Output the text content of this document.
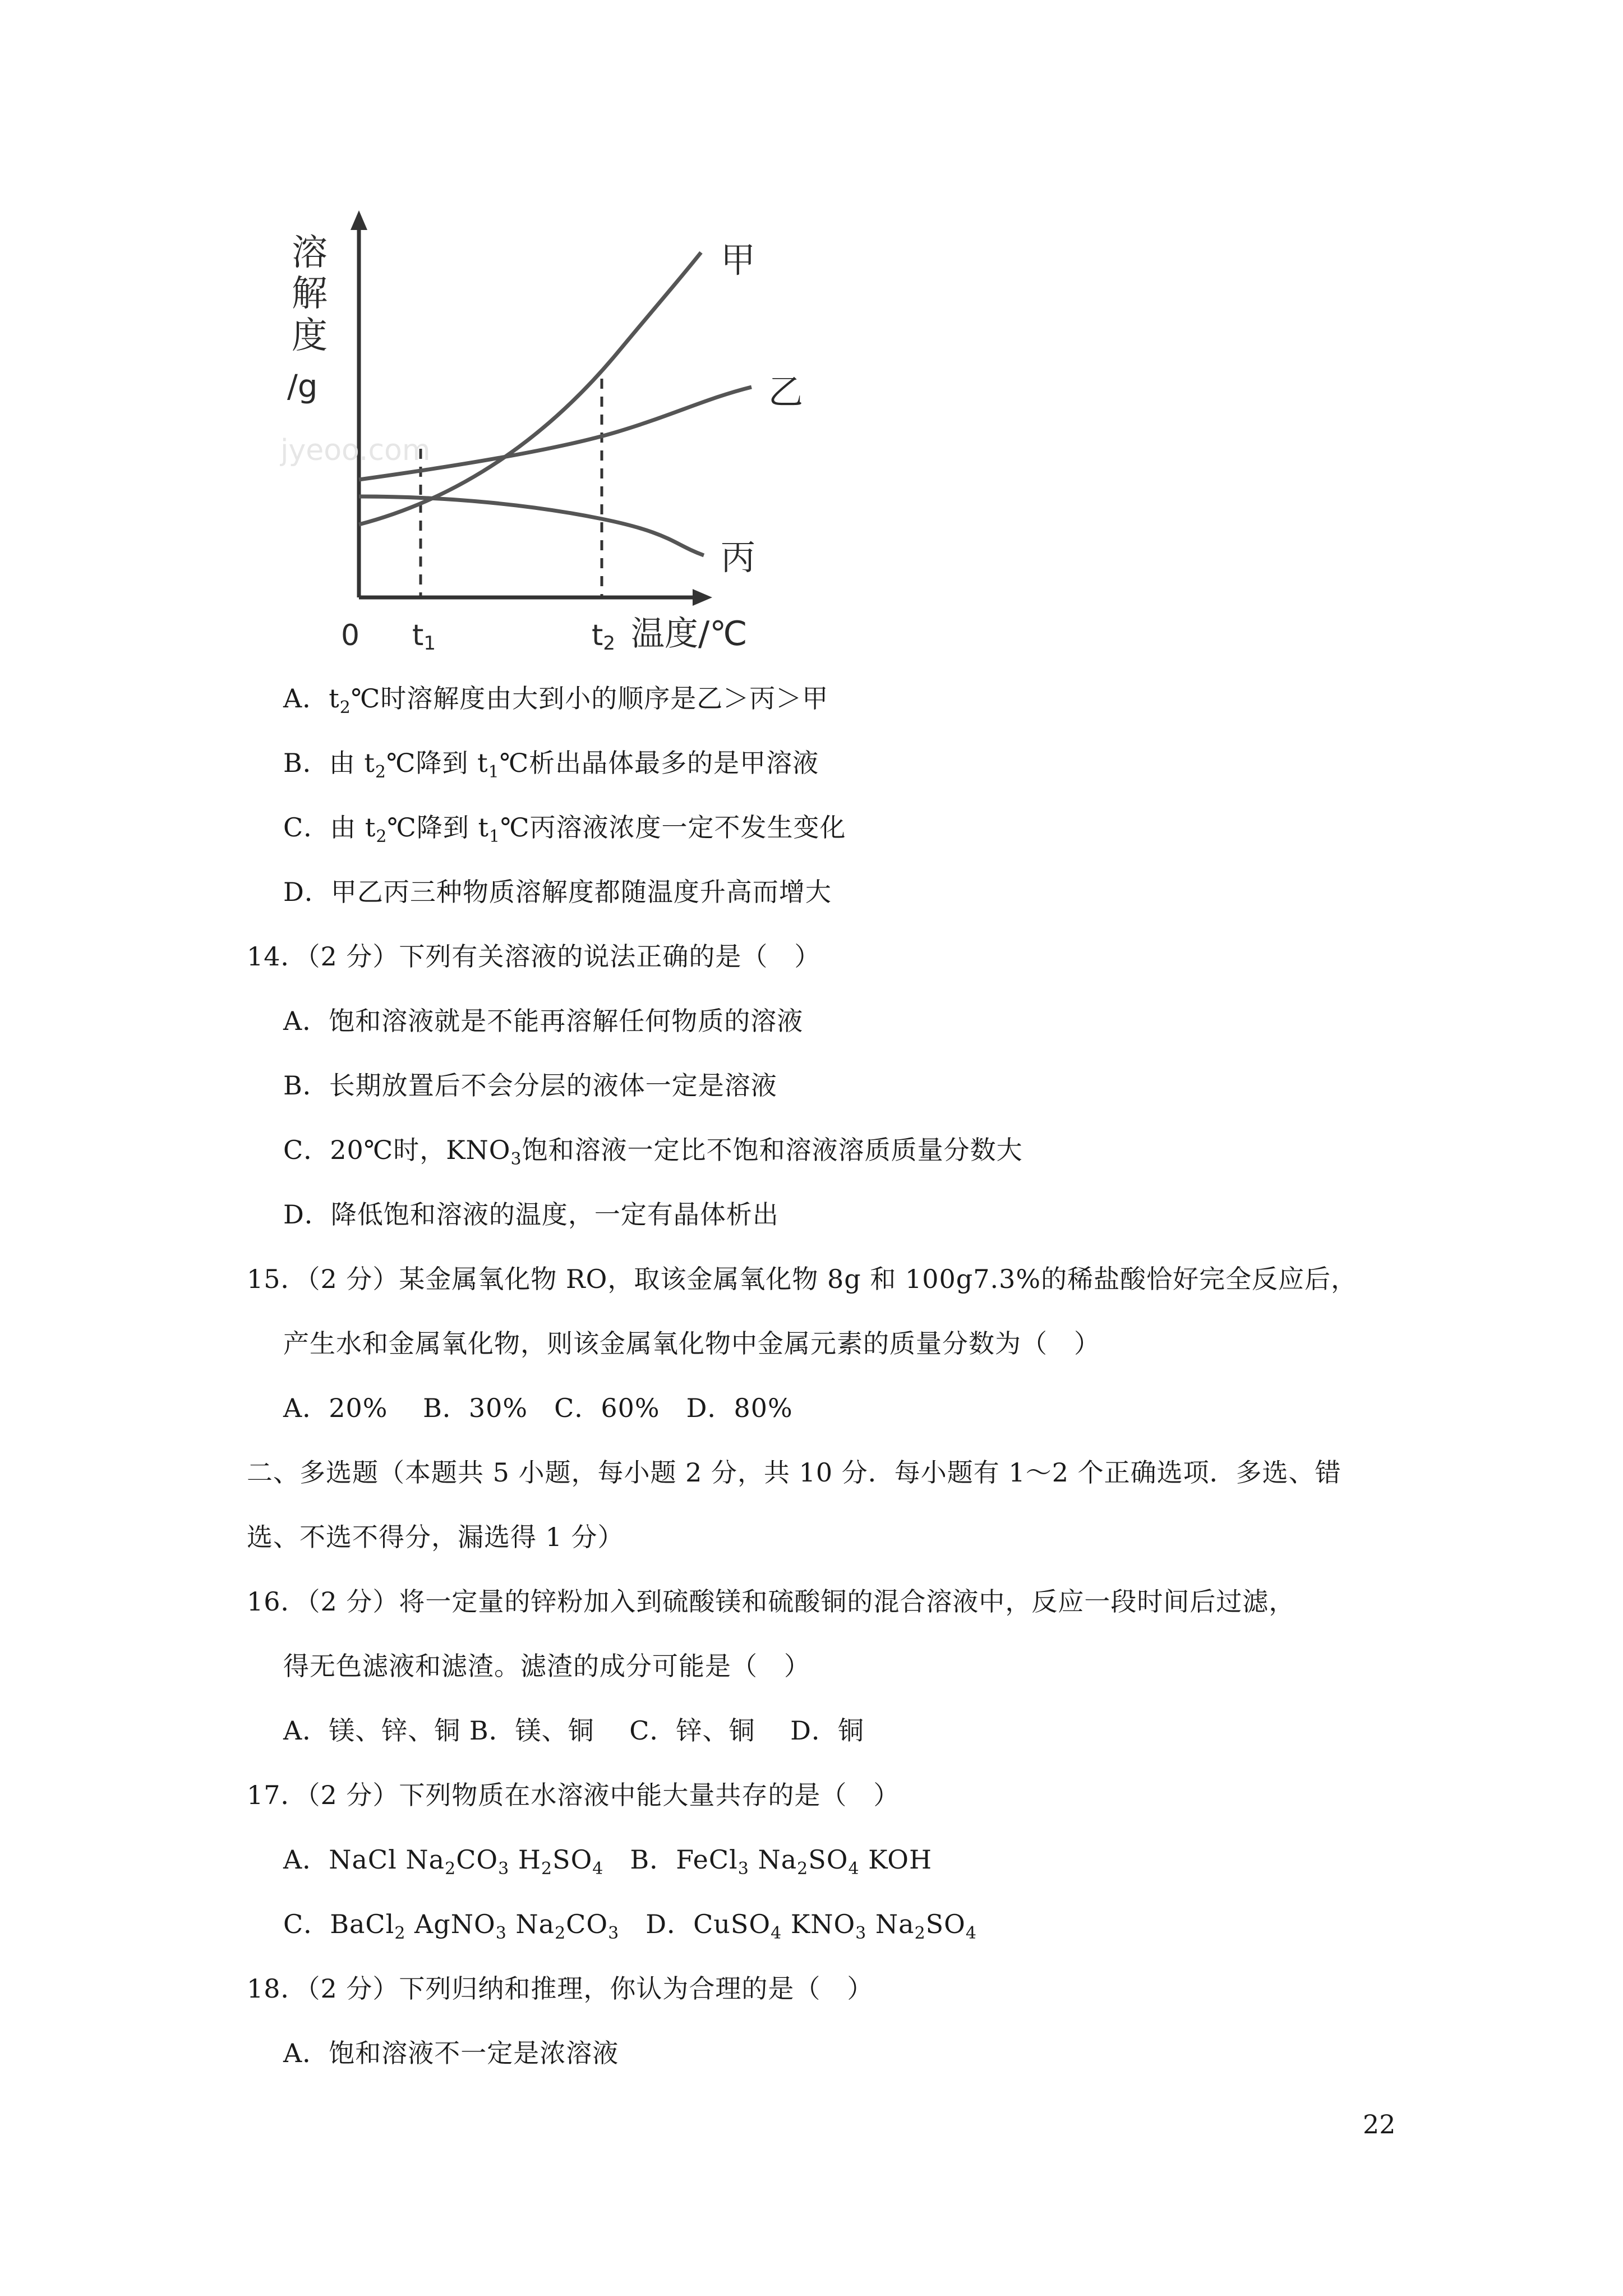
jyeoo.com
溶
解
度
/g
甲
乙
丙
0 t1	t2 温度/℃
A．$t_2℃$时溶解度由大到小的顺序是乙＞丙＞甲
B．由 $t_2℃$降到 $t_1℃$析出晶体最多的是甲溶液
C．由 $t_2℃$降到 $t_1℃$丙溶液浓度一定不发生变化
D．甲乙丙三种物质溶解度都随温度升高而增大
14．（2 分）下列有关溶液的说法正确的是（　）
A．饱和溶液就是不能再溶解任何物质的溶液
B．长期放置后不会分层的液体一定是溶液
C．20℃时，$KNO_3$饱和溶液一定比不饱和溶液溶质质量分数大
D．降低饱和溶液的温度，一定有晶体析出
15．（2 分）某金属氧化物 RO，取该金属氧化物 8g 和 100g7.3%的稀盐酸恰好完全反应后，
产生水和金属氧化物，则该金属氧化物中金属元素的质量分数为（　）
A．20%　 B．30%　C．60%　D．80%
二、多选题（本题共 5 小题，每小题 2 分，共 10 分．每小题有 1～2 个正确选项．多选、错
选、不选不得分，漏选得 1 分）
16．（2 分）将一定量的锌粉加入到硫酸镁和硫酸铜的混合溶液中，反应一段时间后过滤，
得无色滤液和滤渣。滤渣的成分可能是（　）
A．镁、锌、铜 B．镁、铜　 C．锌、铜　 D．铜
17．（2 分）下列物质在水溶液中能大量共存的是（　）
A．NaCl $Na_2CO_3$ $H_2SO_4$　B．FeCl$_3$ $Na_2SO_4$ KOH
C．BaCl$_2$ AgNO$_3$ $Na_2CO_3$　D．CuSO$_4$ $KNO_3$ $Na_2SO_4$
18．（2 分）下列归纳和推理，你认为合理的是（　）
A．饱和溶液不一定是浓溶液
22
